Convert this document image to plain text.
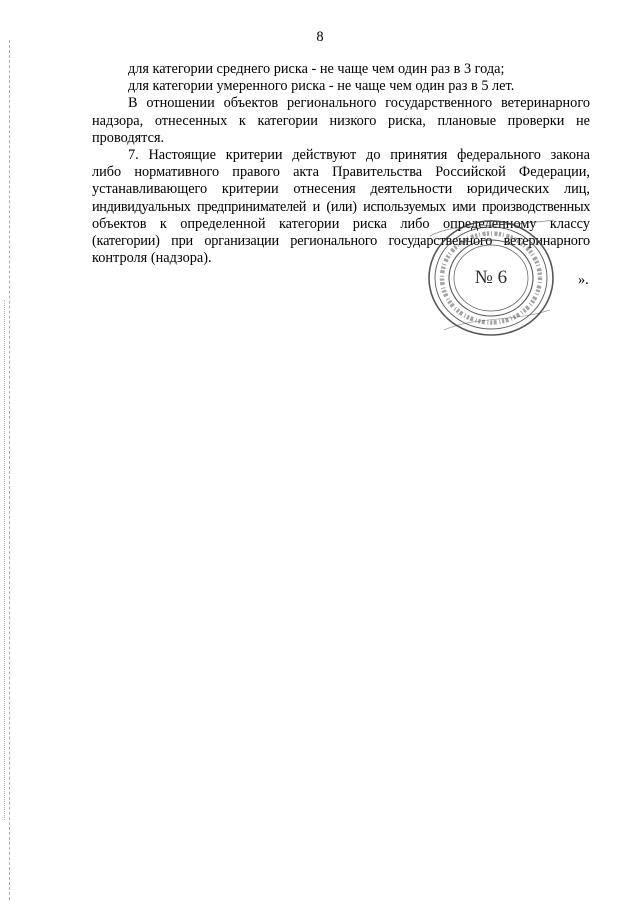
8
для категории среднего риска - не чаще чем один раз в 3 года;
для категории умеренного риска - не чаще чем один раз в 5 лет.
В отношении объектов регионального государственного ветеринарного
надзора, отнесенных к категории низкого риска, плановые проверки не
проводятся.
7. Настоящие критерии действуют до принятия федерального закона
либо нормативного правого акта Правительства Российской Федерации,
устанавливающего критерии отнесения деятельности юридических лиц,
индивидуальных предпринимателей и (или) используемых ими производственных
объектов к определенной категории риска либо определенному классу
(категории) при организации регионального государственного ветеринарного
контроля (надзора).
».
№ 6
